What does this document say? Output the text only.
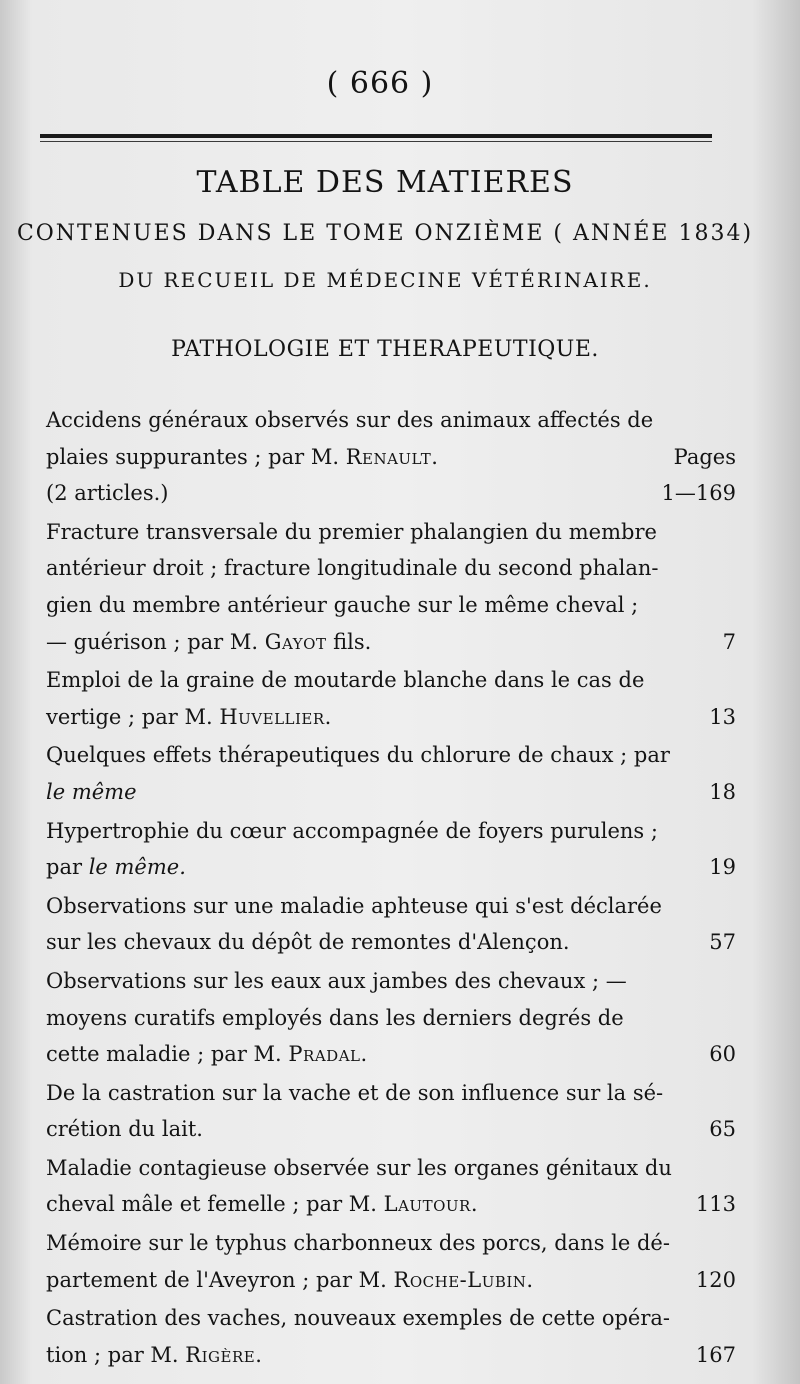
( 666 )
TABLE DES MATIERES
CONTENUES DANS LE TOME ONZIÈME ( ANNÉE 1834)
DU RECUEIL DE MÉDECINE VÉTÉRINAIRE.
PATHOLOGIE ET THERAPEUTIQUE.
Accidens généraux observés sur des animaux affectés de
plaies suppurantes ; par M. Renault.	Pages
(2 articles.)	1—169
Fracture transversale du premier phalangien du membre
antérieur droit ; fracture longitudinale du second phalan-
gien du membre antérieur gauche sur le même cheval ;
— guérison ; par M. Gayot fils.	7
Emploi de la graine de moutarde blanche dans le cas de
vertige ; par M. Huvellier.	13
Quelques effets thérapeutiques du chlorure de chaux ; par
le même	18
Hypertrophie du cœur accompagnée de foyers purulens ;
par le même.	19
Observations sur une maladie aphteuse qui s'est déclarée
sur les chevaux du dépôt de remontes d'Alençon.	57
Observations sur les eaux aux jambes des chevaux ; —
moyens curatifs employés dans les derniers degrés de
cette maladie ; par M. Pradal.	60
De la castration sur la vache et de son influence sur la sé-
crétion du lait.	65
Maladie contagieuse observée sur les organes génitaux du
cheval mâle et femelle ; par M. Lautour.	113
Mémoire sur le typhus charbonneux des porcs, dans le dé-
partement de l'Aveyron ; par M. Roche-Lubin.	120
Castration des vaches, nouveaux exemples de cette opéra-
tion ; par M. Rigère.	167
